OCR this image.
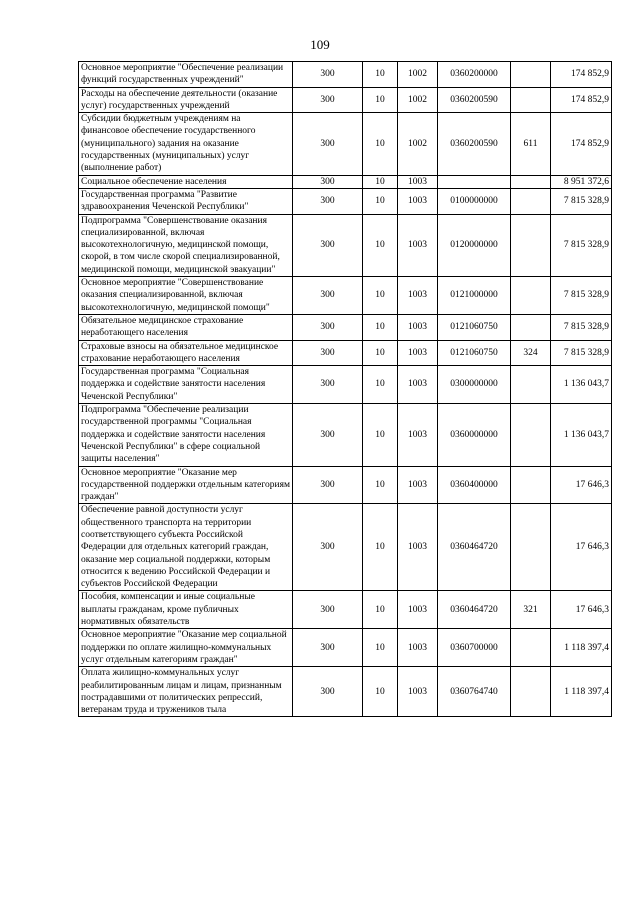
109
Основное мероприятие "Обеспечение реализации функций государственных учреждений"	300	10	1002	0360200000		174 852,9
Расходы на обеспечение деятельности (оказание услуг) государственных учреждений	300	10	1002	0360200590		174 852,9
Субсидии бюджетным учреждениям на финансовое обеспечение государственного (муниципального) задания на оказание государственных (муниципальных) услуг (выполнение работ)	300	10	1002	0360200590	611	174 852,9
Социальное обеспечение населения	300	10	1003			8 951 372,6
Государственная программа "Развитие здравоохранения Чеченской Республики"	300	10	1003	0100000000		7 815 328,9
Подпрограмма "Совершенствование оказания специализированной, включая высокотехнологичную, медицинской помощи, скорой, в том числе скорой специализированной, медицинской помощи, медицинской эвакуации"	300	10	1003	0120000000		7 815 328,9
Основное мероприятие "Совершенствование оказания специализированной, включая высокотехнологичную, медицинской помощи"	300	10	1003	0121000000		7 815 328,9
Обязательное медицинское страхование неработающего населения	300	10	1003	0121060750		7 815 328,9
Страховые взносы на обязательное медицинское страхование неработающего населения	300	10	1003	0121060750	324	7 815 328,9
Государственная программа "Социальная поддержка и содействие занятости населения Чеченской Республики"	300	10	1003	0300000000		1 136 043,7
Подпрограмма "Обеспечение реализации государственной программы "Социальная поддержка и содействие занятости населения Чеченской Республики" в сфере социальной защиты населения"	300	10	1003	0360000000		1 136 043,7
Основное мероприятие "Оказание мер государственной поддержки отдельным категориям граждан"	300	10	1003	0360400000		17 646,3
Обеспечение равной доступности услуг общественного транспорта на территории соответствующего субъекта Российской Федерации для отдельных категорий граждан, оказание мер социальной поддержки, которым относится к ведению Российской Федерации и субъектов Российской Федерации	300	10	1003	0360464720		17 646,3
Пособия, компенсации и иные социальные выплаты гражданам, кроме публичных нормативных обязательств	300	10	1003	0360464720	321	17 646,3
Основное мероприятие "Оказание мер социальной поддержки по оплате жилищно-коммунальных услуг отдельным категориям граждан"	300	10	1003	0360700000		1 118 397,4
Оплата жилищно-коммунальных услуг реабилитированным лицам и лицам, признанным пострадавшими от политических репрессий, ветеранам труда и тружеников тыла	300	10	1003	0360764740		1 118 397,4
